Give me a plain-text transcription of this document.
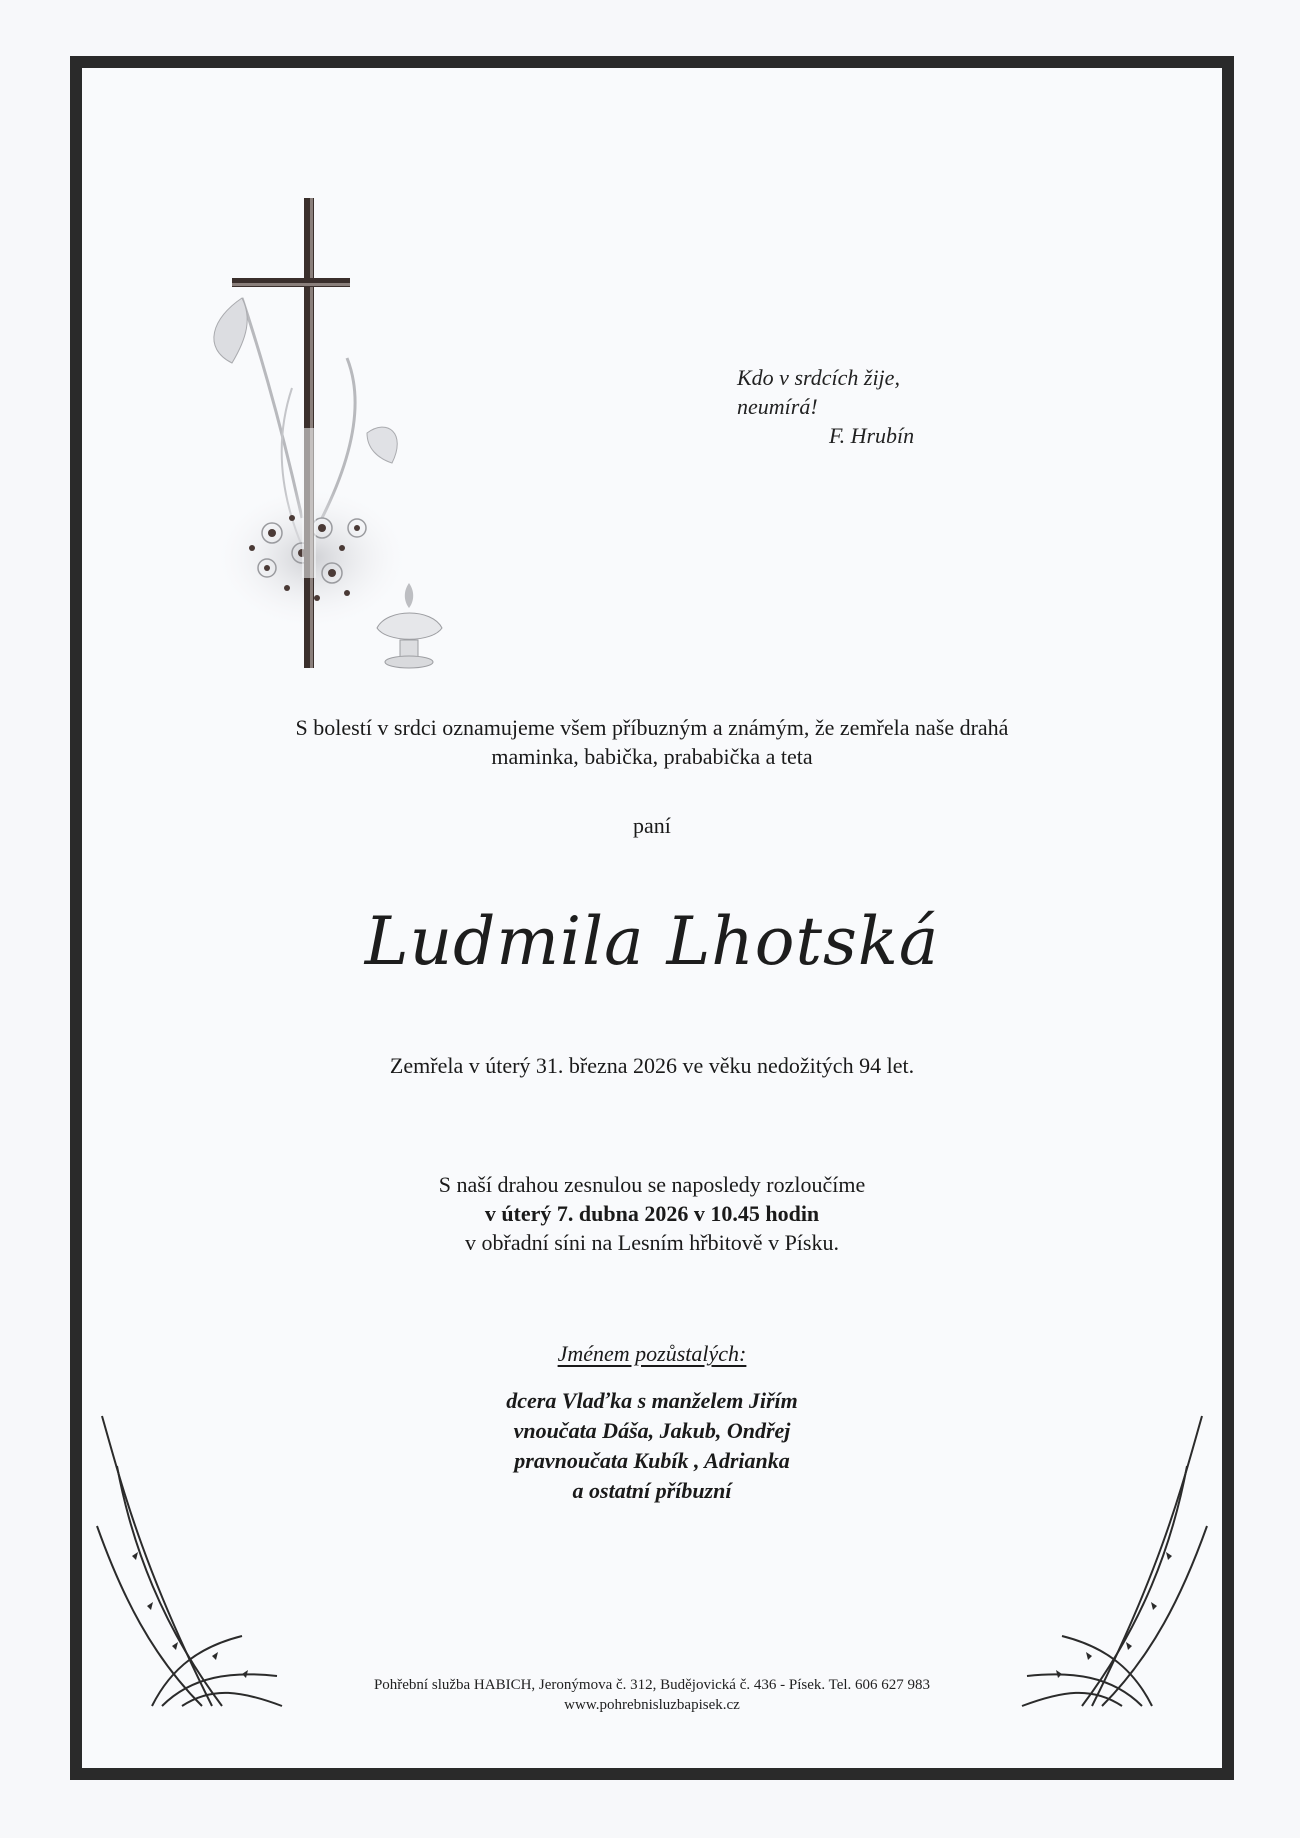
Kdo v srdcích žije,
neumírá!
F. Hrubín
S bolestí v srdci oznamujeme všem příbuzným a známým, že zemřela naše drahá
maminka, babička, prababička a teta
paní
Ludmila Lhotská
Zemřela v úterý 31. března 2026 ve věku nedožitých 94 let.
S naší drahou zesnulou se naposledy rozloučíme
v úterý 7. dubna 2026 v 10.45 hodin
v obřadní síni na Lesním hřbitově v Písku.
Jménem pozůstalých:
dcera Vlaďka s manželem Jiřím
vnoučata Dáša, Jakub, Ondřej
pravnoučata Kubík , Adrianka
a ostatní příbuzní
Pohřební služba HABICH, Jeronýmova č. 312, Budějovická č. 436 - Písek. Tel. 606 627 983
www.pohrebnisluzbapisek.cz
